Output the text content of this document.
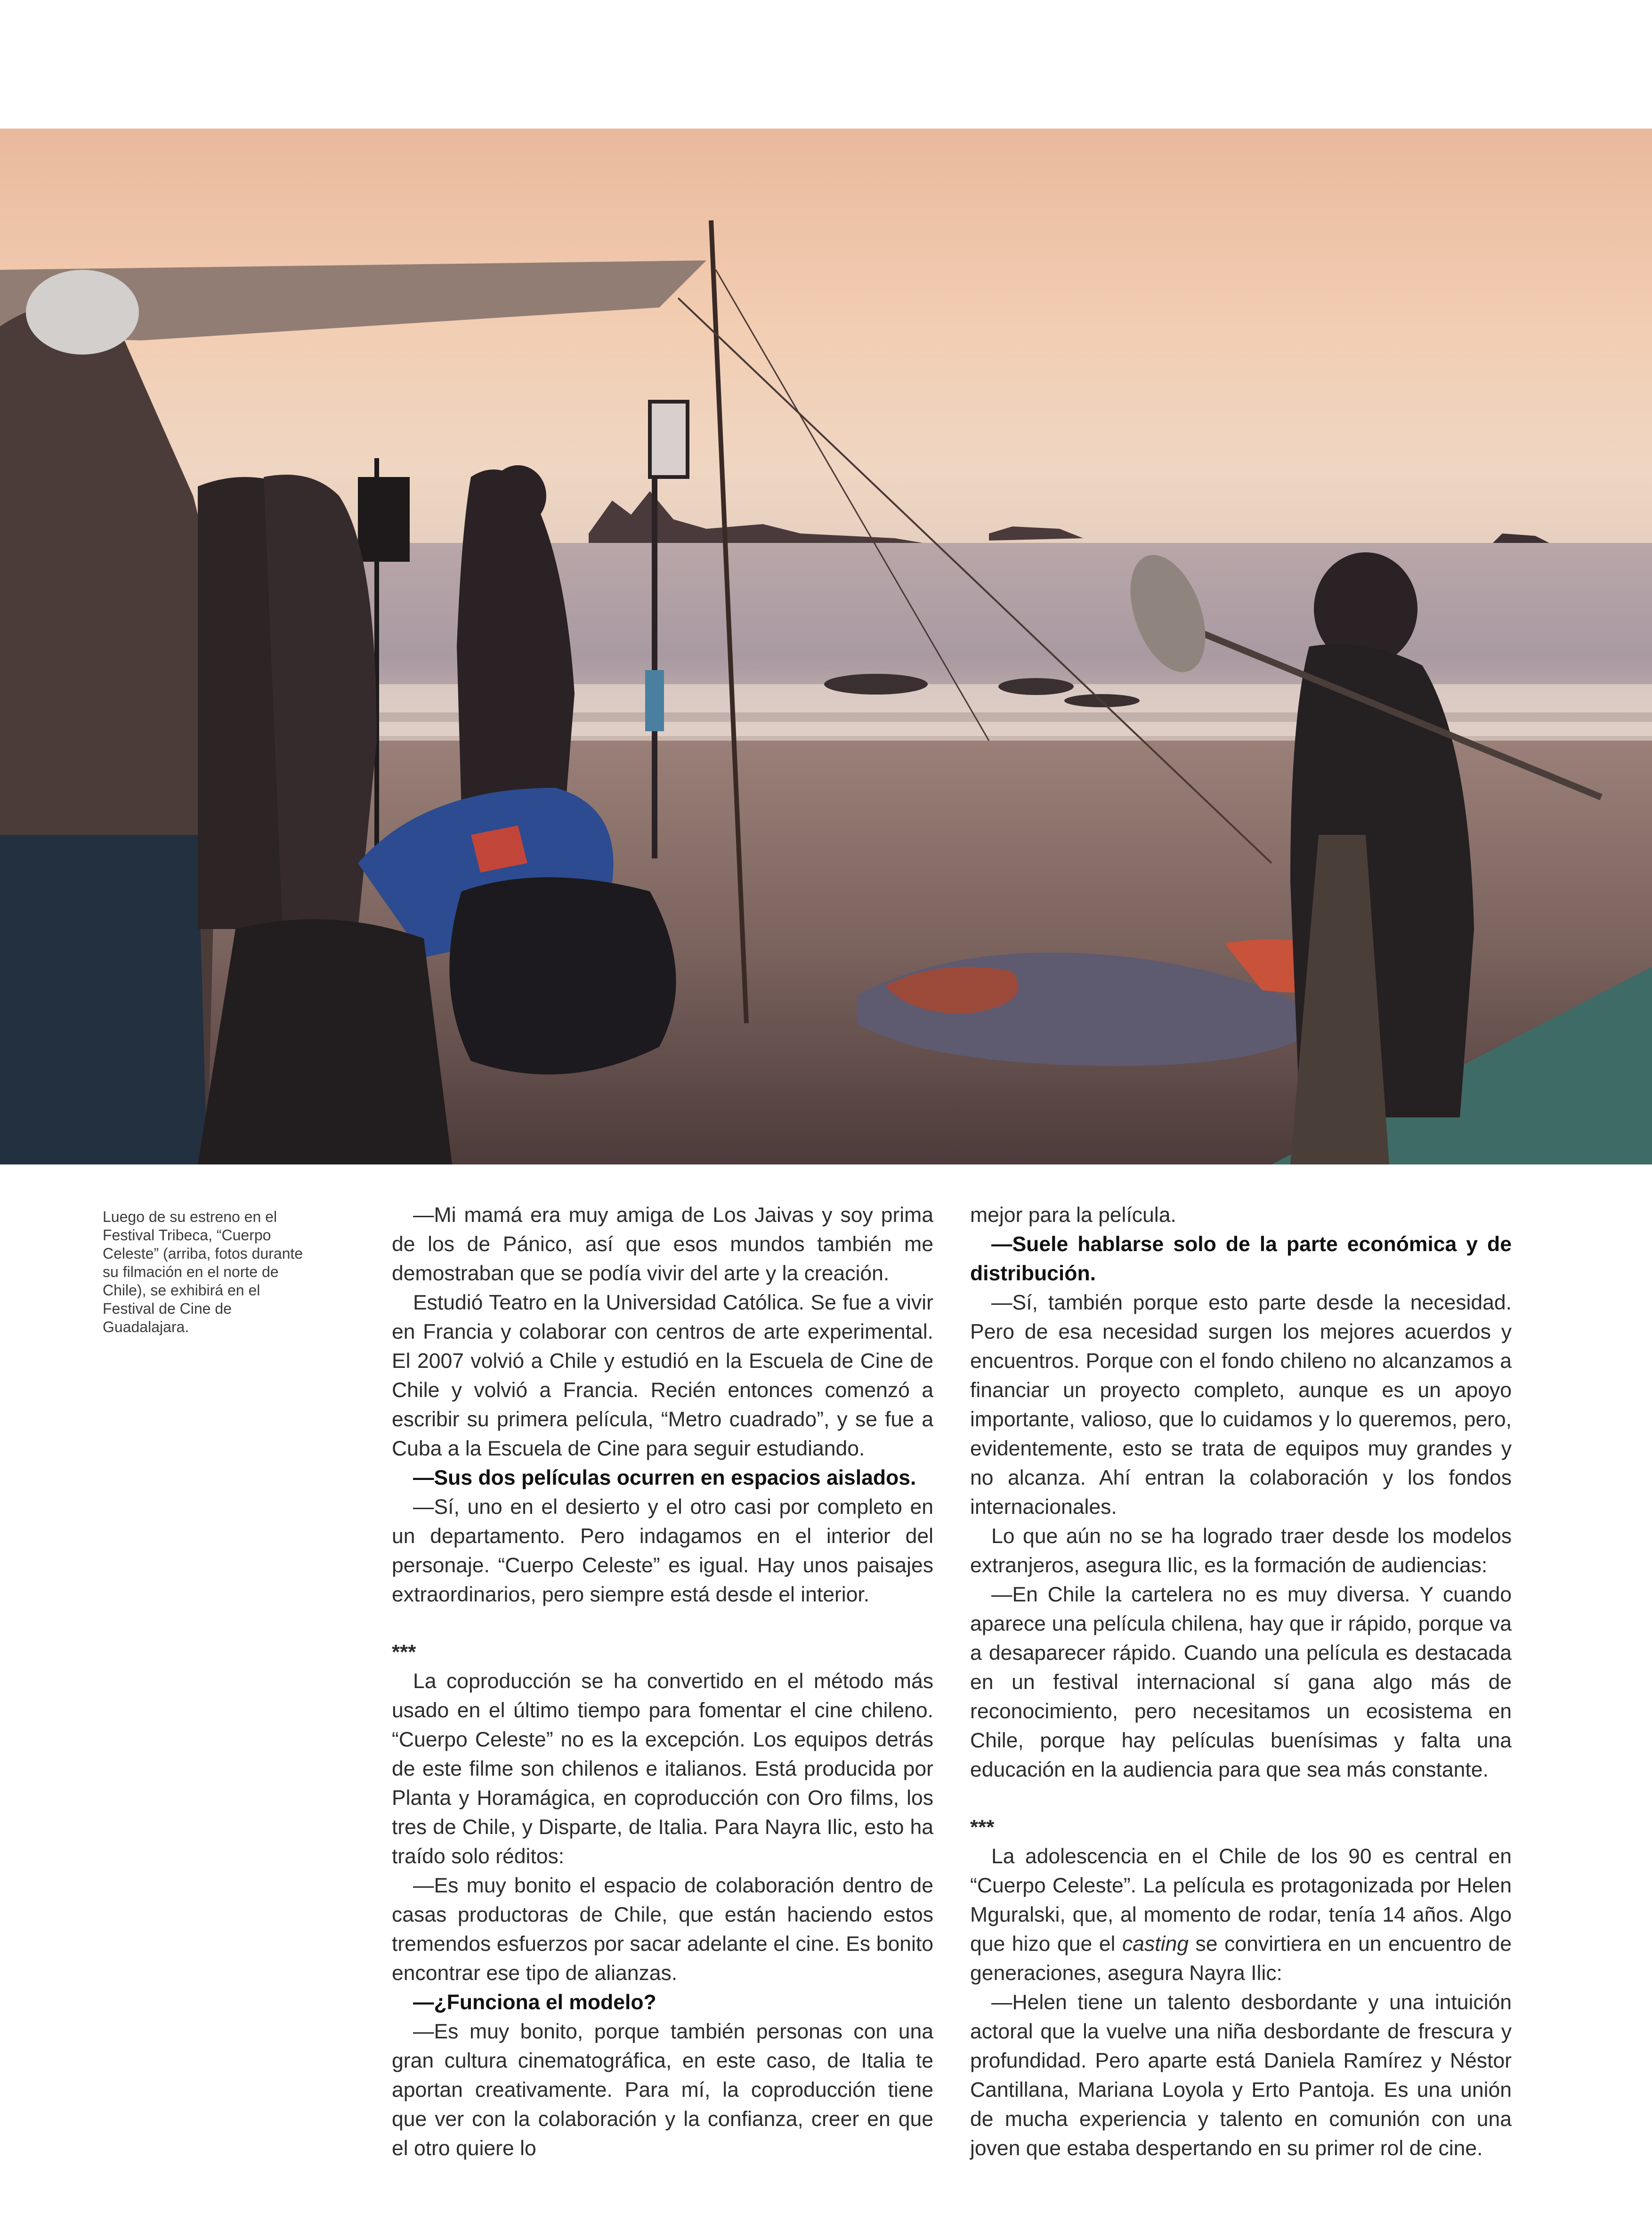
Luego de su estreno en el Festival Tribeca, “Cuerpo Celeste” (arriba, fotos durante su filmación en el norte de Chile), se exhibirá en el Festival de Cine de Guadalajara.

—Mi mamá era muy amiga de Los Jaivas y soy prima de los de Pánico, así que esos mundos también me demostraban que se podía vivir del arte y la creación.

Estudió Teatro en la Universidad Católica. Se fue a vivir en Francia y colaborar con centros de arte experimental. El 2007 volvió a Chile y estudió en la Escuela de Cine de Chile y volvió a Francia. Recién entonces comenzó a escribir su primera película, “Metro cuadrado”, y se fue a Cuba a la Escuela de Cine para seguir estudiando.

—Sus dos películas ocurren en espacios aislados.

—Sí, uno en el desierto y el otro casi por completo en un departamento. Pero indagamos en el interior del personaje. “Cuerpo Celeste” es igual. Hay unos paisajes extraordinarios, pero siempre está desde el interior.

***

La coproducción se ha convertido en el método más usado en el último tiempo para fomentar el cine chileno. “Cuerpo Celeste” no es la excepción. Los equipos detrás de este filme son chilenos e italianos. Está producida por Planta y Horamágica, en coproducción con Oro films, los tres de Chile, y Disparte, de Italia. Para Nayra Ilic, esto ha traído solo réditos:

—Es muy bonito el espacio de colaboración dentro de casas productoras de Chile, que están haciendo estos tremendos esfuerzos por sacar adelante el cine. Es bonito encontrar ese tipo de alianzas.

—¿Funciona el modelo?

—Es muy bonito, porque también personas con una gran cultura cinematográfica, en este caso, de Italia te aportan creativamente. Para mí, la coproducción tiene que ver con la colaboración y la confianza, creer en que el otro quiere lo

mejor para la película.

—Suele hablarse solo de la parte económica y de distribución.

—Sí, también porque esto parte desde la necesidad. Pero de esa necesidad surgen los mejores acuerdos y encuentros. Porque con el fondo chileno no alcanzamos a financiar un proyecto completo, aunque es un apoyo importante, valioso, que lo cuidamos y lo queremos, pero, evidentemente, esto se trata de equipos muy grandes y no alcanza. Ahí entran la colaboración y los fondos internacionales.

Lo que aún no se ha logrado traer desde los modelos extranjeros, asegura Ilic, es la formación de audiencias:

—En Chile la cartelera no es muy diversa. Y cuando aparece una película chilena, hay que ir rápido, porque va a desaparecer rápido. Cuando una película es destacada en un festival internacional sí gana algo más de reconocimiento, pero necesitamos un ecosistema en Chile, porque hay películas buenísimas y falta una educación en la audiencia para que sea más constante.

***

La adolescencia en el Chile de los 90 es central en “Cuerpo Celeste”. La película es protagonizada por Helen Mguralski, que, al momento de rodar, tenía 14 años. Algo que hizo que el casting se convirtiera en un encuentro de generaciones, asegura Nayra Ilic:

—Helen tiene un talento desbordante y una intuición actoral que la vuelve una niña desbordante de frescura y profundidad. Pero aparte está Daniela Ramírez y Néstor Cantillana, Mariana Loyola y Erto Pantoja. Es una unión de mucha experiencia y talento en comunión con una joven que estaba despertando en su primer rol de cine.
